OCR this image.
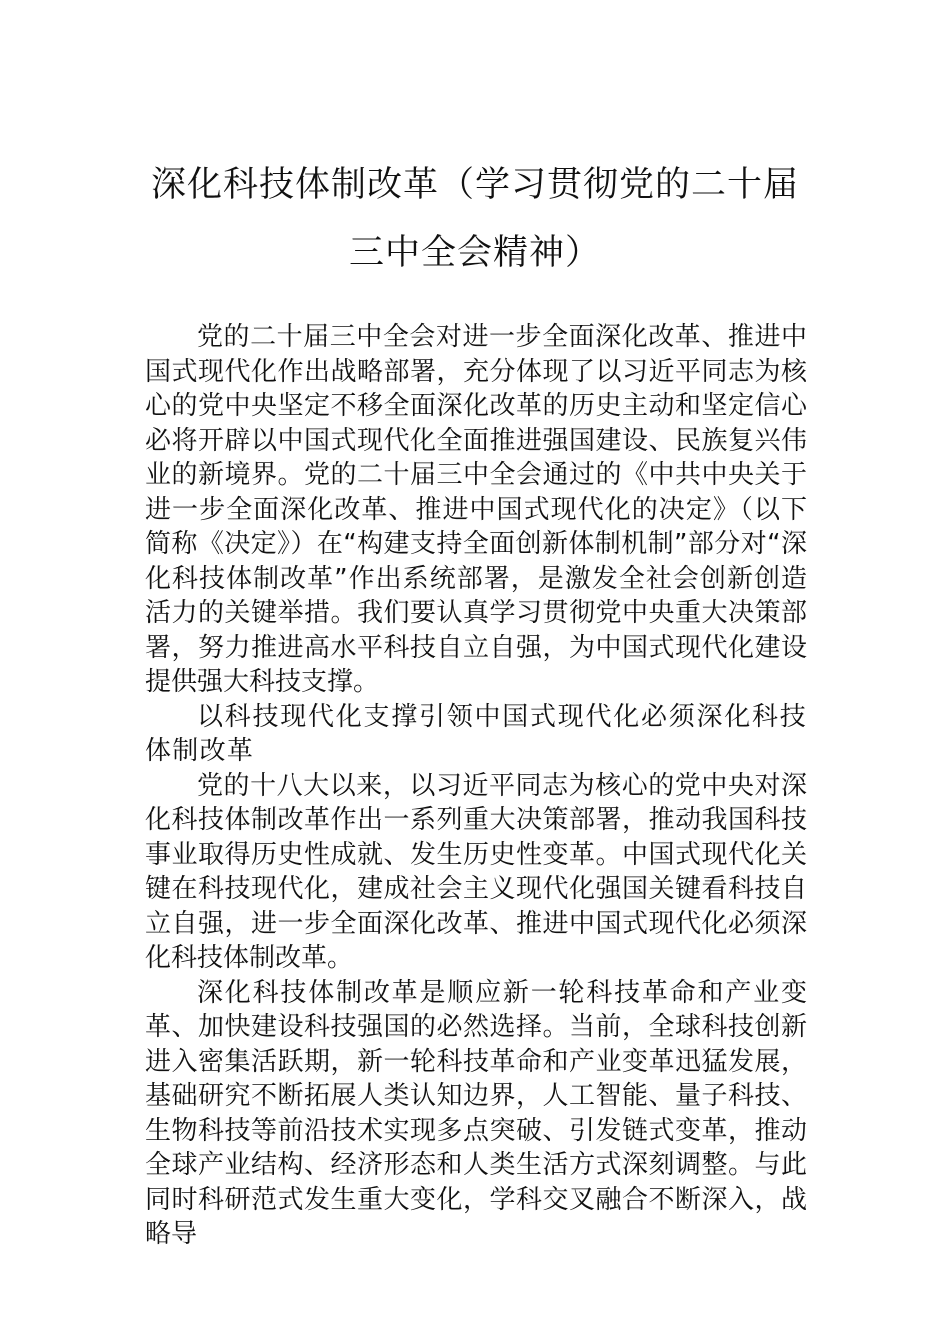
深化科技体制改革（学习贯彻党的二十届
三中全会精神）

党的二十届三中全会对进一步全面深化改革、推进中国式现代化作出战略部署，充分体现了以习近平同志为核心的党中央坚定不移全面深化改革的历史主动和坚定信心必将开辟以中国式现代化全面推进强国建设、民族复兴伟业的新境界。党的二十届三中全会通过的《中共中央关于进一步全面深化改革、推进中国式现代化的决定》（以下简称《决定》）在“构建支持全面创新体制机制”部分对“深化科技体制改革”作出系统部署，是激发全社会创新创造活力的关键举措。我们要认真学习贯彻党中央重大决策部署，努力推进高水平科技自立自强，为中国式现代化建设提供强大科技支撑。

以科技现代化支撑引领中国式现代化必须深化科技体制改革

党的十八大以来，以习近平同志为核心的党中央对深化科技体制改革作出一系列重大决策部署，推动我国科技事业取得历史性成就、发生历史性变革。中国式现代化关键在科技现代化，建成社会主义现代化强国关键看科技自立自强，进一步全面深化改革、推进中国式现代化必须深化科技体制改革。

深化科技体制改革是顺应新一轮科技革命和产业变革、加快建设科技强国的必然选择。当前，全球科技创新进入密集活跃期，新一轮科技革命和产业变革迅猛发展，基础研究不断拓展人类认知边界，人工智能、量子科技、生物科技等前沿技术实现多点突破、引发链式变革，推动全球产业结构、经济形态和人类生活方式深刻调整。与此同时科研范式发生重大变化，学科交叉融合不断深入，战略导
